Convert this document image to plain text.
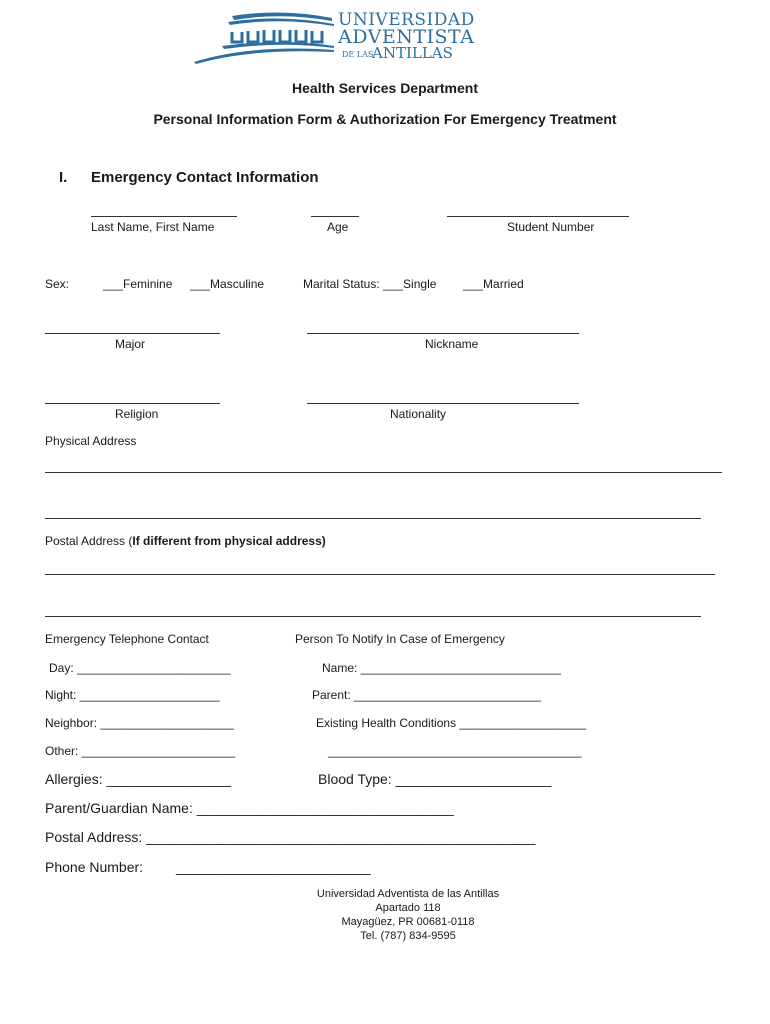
UNIVERSIDAD
ADVENTISTA
DE LAS
ANTILLAS
Health Services Department
Personal Information Form & Authorization For Emergency Treatment
I. Emergency Contact Information
Last Name, First Name	Age	Student Number
Sex:	___Feminine ___Masculine	Marital Status: ___Single ___Married
Major	Nickname
Religion	Nationality
Physical Address
Postal Address (If different from physical address)
Emergency Telephone Contact	Person To Notify In Case of Emergency
Day: _______________________	Name: ______________________________
Night: _____________________	Parent: ____________________________
Neighbor: ____________________	Existing Health Conditions ___________________
Other: _______________________	______________________________________
Allergies: ________________	Blood Type: ____________________
Parent/Guardian Name: _________________________________
Postal Address: __________________________________________________
Phone Number: _________________________
Universidad Adventista de las Antillas
Apartado 118
Mayagüez, PR 00681-0118
Tel. (787) 834-9595
